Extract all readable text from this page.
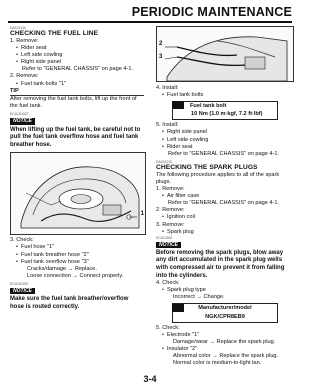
PERIODIC MAINTENANCE
EAS22110
CHECKING THE FUEL LINE
1. Remove:
• Rider seat
• Left side cowling
• Right side panel
Refer to "GENERAL CHASSIS" on page 4-1.
2. Remove:
• Fuel tank bolts "1"
TIP
After removing the fuel tank bolts, lift up the front of the fuel tank.
ECA1S1007
NOTICE
When lifting up the fuel tank, be careful not to pull the fuel tank overflow hose and fuel tank breather hose.
1
3. Check:
• Fuel hose "1"
• Fuel tank breather hose "2"
• Fuel tank overflow hose "3"
Cracks/damage → Replace.
Loose connection → Connect properly.
ECA1S1007
NOTICE
Make sure the fuel tank breather/overflow hose is routed correctly.
2
3
4. Install:
• Fuel tank bolts
Fuel tank bolt
10 Nm (1.0 m·kgf, 7.2 ft·lbf)
5. Install:
• Right side panel
• Left side cowling
• Rider seat
Refer to "GENERAL CHASSIS" on page 4-1.
EAS21220
CHECKING THE SPARK PLUGS
The following procedure applies to all of the spark plugs.
1. Remove:
• Air filter case
Refer to "GENERAL CHASSIS" on page 4-1.
2. Remove:
• Ignition coil
3. Remove:
• Spark plug
ECA13320
NOTICE
Before removing the spark plugs, blow away any dirt accumulated in the spark plug wells with compressed air to prevent it from falling into the cylinders.
4. Check:
• Spark plug type
Incorrect → Change.
Manufacturer/model
NGK/CPR8EB9
5. Check:
• Electrode "1"
Damage/wear → Replace the spark plug.
• Insulator "2"
Abnormal color → Replace the spark plug.
Normal color is medium-to-light tan.
3-4
